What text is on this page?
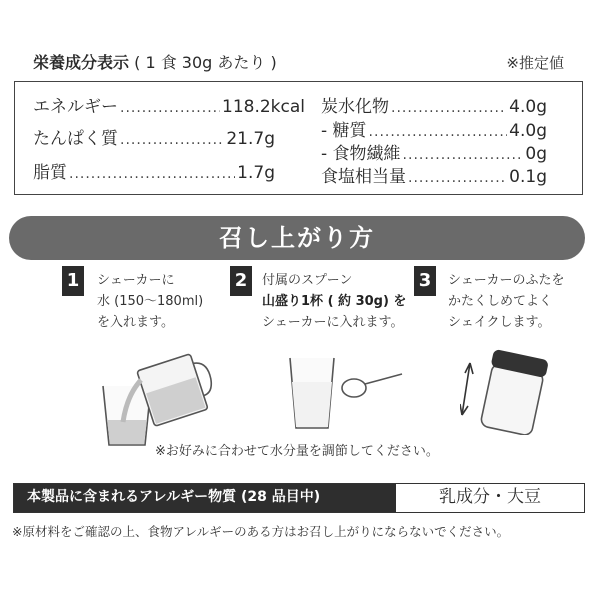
栄養成分表示 ( 1 食 30g あたり )	※推定値
エネルギー .....	118.2kcal
たんぱく質 .....	21.7g
脂質 .....	1.7g
炭水化物 .....	4.0g
- 糖質 .....	4.0g
- 食物繊維 .....	0g
食塩相当量 .....	0.1g
召し上がり方
1	シェーカーに
水 (150〜180ml)
を入れます。
2	付属のスプーン
山盛り1杯 ( 約 30g) を
シェーカーに入れます。
3	シェーカーのふたを
かたくしめてよく
シェイクします。
※お好みに合わせて水分量を調節してください。
本製品に含まれるアレルギー物質 (28 品目中)	乳成分・大豆
※原材料をご確認の上、食物アレルギーのある方はお召し上がりにならないでください。
